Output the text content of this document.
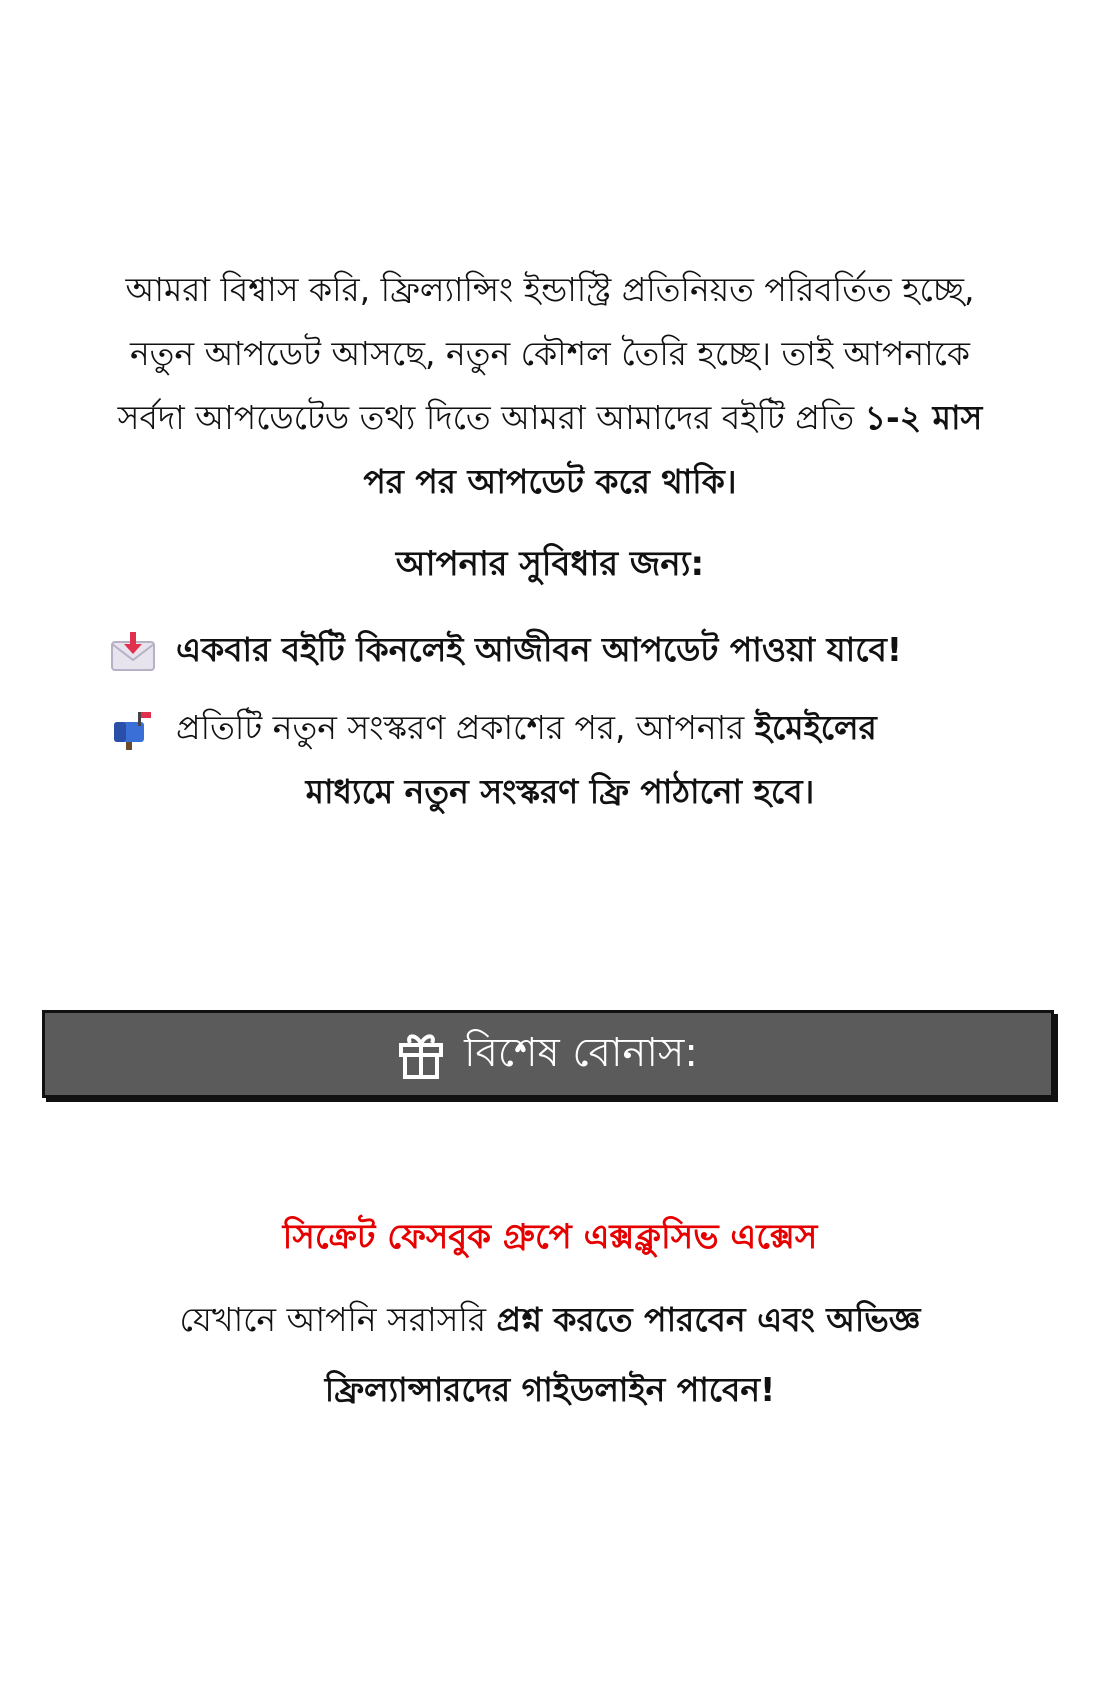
আমরা বিশ্বাস করি, ফ্রিল্যান্সিং ইন্ডাস্ট্রি প্রতিনিয়ত পরিবর্তিত হচ্ছে,
নতুন আপডেট আসছে, নতুন কৌশল তৈরি হচ্ছে। তাই আপনাকে
সর্বদা আপডেটেড তথ্য দিতে আমরা আমাদের বইটি প্রতি ১-২ মাস
পর পর আপডেট করে থাকি।
আপনার সুবিধার জন্য:
একবার বইটি কিনলেই আজীবন আপডেট পাওয়া যাবে!
প্রতিটি নতুন সংস্করণ প্রকাশের পর, আপনার ইমেইলের
মাধ্যমে নতুন সংস্করণ ফ্রি পাঠানো হবে।
বিশেষ বোনাস:
সিক্রেট ফেসবুক গ্রুপে এক্সক্লুসিভ এক্সেস
যেখানে আপনি সরাসরি প্রশ্ন করতে পারবেন এবং অভিজ্ঞ
ফ্রিল্যান্সারদের গাইডলাইন পাবেন!
